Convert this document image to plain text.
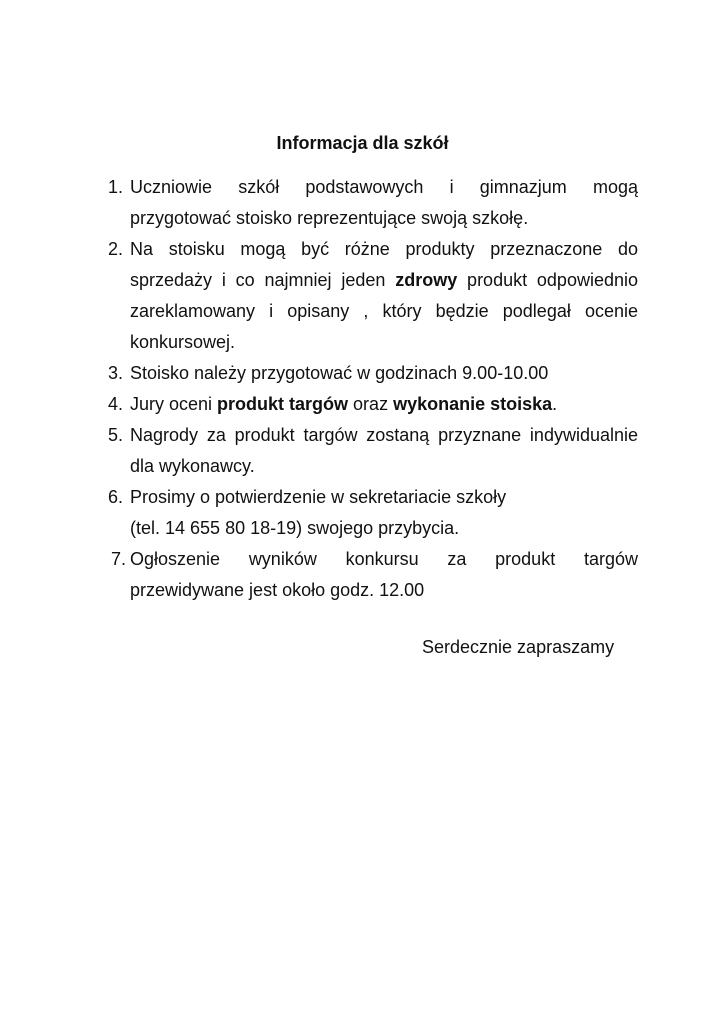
Informacja dla szkół
1. Uczniowie szkół podstawowych i gimnazjum mogą przygotować stoisko reprezentujące swoją szkołę.
2. Na stoisku mogą być różne produkty przeznaczone do sprzedaży i co najmniej jeden zdrowy produkt odpowiednio zareklamowany i opisany , który będzie podlegał ocenie konkursowej.
3. Stoisko należy przygotować w godzinach 9.00-10.00
4. Jury oceni produkt targów oraz wykonanie stoiska.
5. Nagrody za produkt targów zostaną przyznane indywidualnie dla wykonawcy.
6. Prosimy o potwierdzenie w sekretariacie szkoły
(tel. 14 655 80 18-19) swojego przybycia.
7. Ogłoszenie wyników konkursu za produkt targów przewidywane jest około godz. 12.00
Serdecznie zapraszamy
